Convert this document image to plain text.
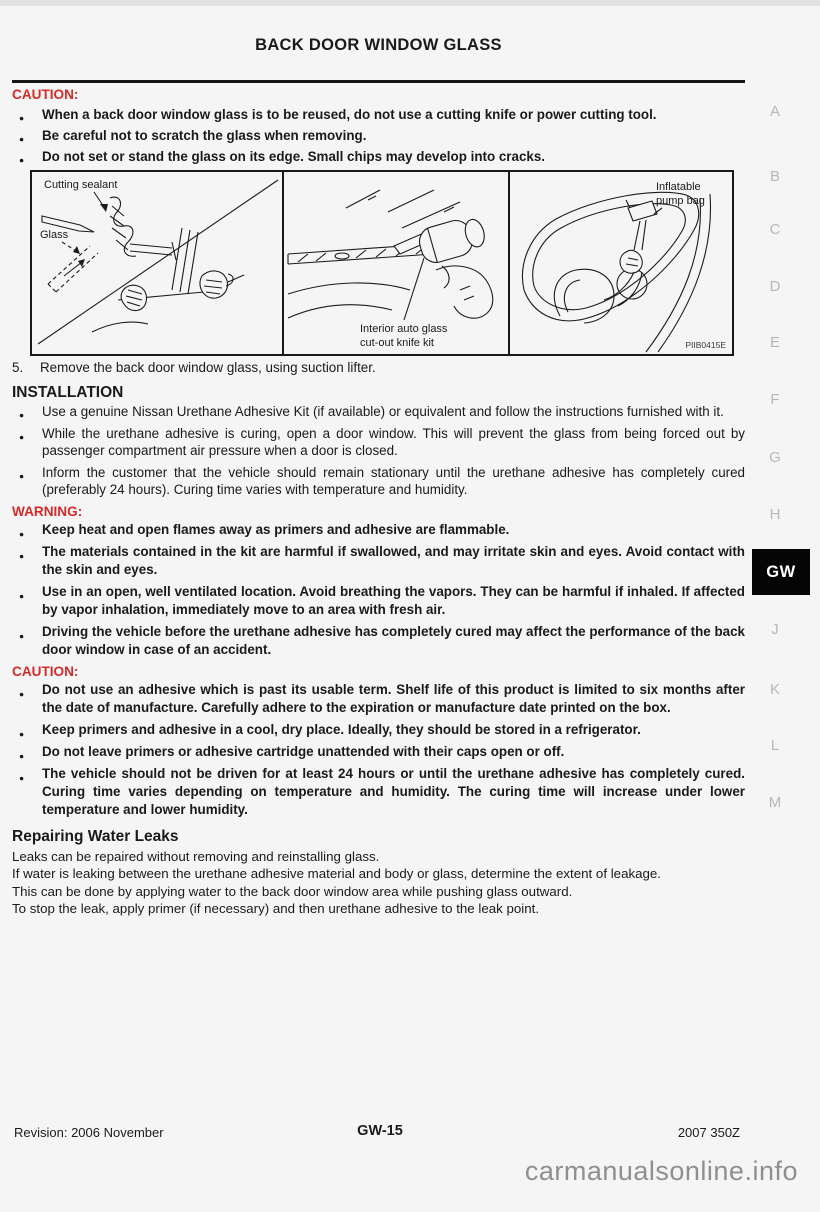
BACK DOOR WINDOW GLASS
CAUTION:
● When a back door window glass is to be reused, do not use a cutting knife or power cutting tool.
● Be careful not to scratch the glass when removing.
● Do not set or stand the glass on its edge. Small chips may develop into cracks.
Cutting sealant
Glass
Interior auto glass
cut-out knife kit
Inflatable
pump bag
PIIB0415E
5.	Remove the back door window glass, using suction lifter.
INSTALLATION
● Use a genuine Nissan Urethane Adhesive Kit (if available) or equivalent and follow the instructions furnished with it.
● While the urethane adhesive is curing, open a door window. This will prevent the glass from being forced out by passenger compartment air pressure when a door is closed.
● Inform the customer that the vehicle should remain stationary until the urethane adhesive has completely cured (preferably 24 hours). Curing time varies with temperature and humidity.
WARNING:
● Keep heat and open flames away as primers and adhesive are flammable.
● The materials contained in the kit are harmful if swallowed, and may irritate skin and eyes. Avoid contact with the skin and eyes.
● Use in an open, well ventilated location. Avoid breathing the vapors. They can be harmful if inhaled. If affected by vapor inhalation, immediately move to an area with fresh air.
● Driving the vehicle before the urethane adhesive has completely cured may affect the performance of the back door window in case of an accident.
CAUTION:
● Do not use an adhesive which is past its usable term. Shelf life of this product is limited to six months after the date of manufacture. Carefully adhere to the expiration or manufacture date printed on the box.
● Keep primers and adhesive in a cool, dry place. Ideally, they should be stored in a refrigerator.
● Do not leave primers or adhesive cartridge unattended with their caps open or off.
● The vehicle should not be driven for at least 24 hours or until the urethane adhesive has completely cured. Curing time varies depending on temperature and humidity. The curing time will increase under lower temperature and lower humidity.
Repairing Water Leaks
Leaks can be repaired without removing and reinstalling glass.
If water is leaking between the urethane adhesive material and body or glass, determine the extent of leakage.
This can be done by applying water to the back door window area while pushing glass outward.
To stop the leak, apply primer (if necessary) and then urethane adhesive to the leak point.
A
B
C
D
E
F
G
H
J
K
L
M
GW
Revision: 2006 November	GW-15	2007 350Z
carmanualsonline.info
